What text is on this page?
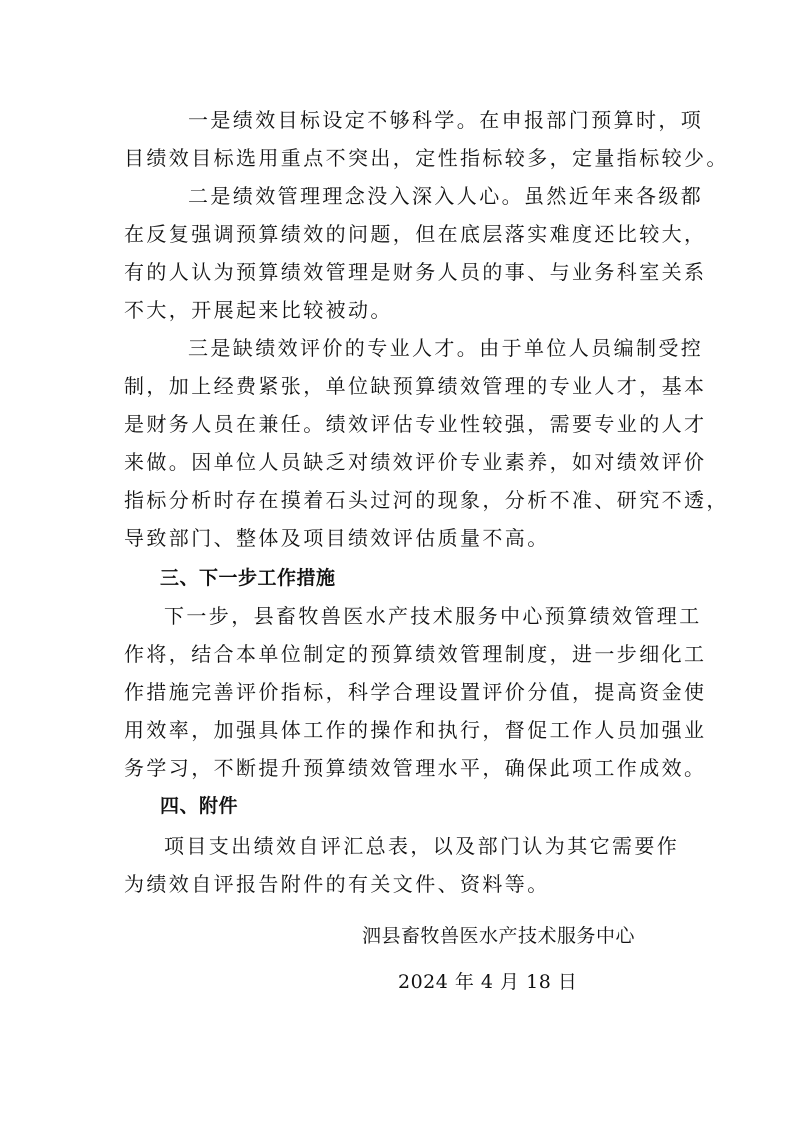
一是绩效目标设定不够科学。在申报部门预算时，项
目绩效目标选用重点不突出，定性指标较多，定量指标较少。
二是绩效管理理念没入深入人心。虽然近年来各级都
在反复强调预算绩效的问题，但在底层落实难度还比较大，
有的人认为预算绩效管理是财务人员的事、与业务科室关系
不大，开展起来比较被动。
三是缺绩效评价的专业人才。由于单位人员编制受控
制，加上经费紧张，单位缺预算绩效管理的专业人才，基本
是财务人员在兼任。绩效评估专业性较强，需要专业的人才
来做。因单位人员缺乏对绩效评价专业素养，如对绩效评价
指标分析时存在摸着石头过河的现象，分析不准、研究不透，
导致部门、整体及项目绩效评估质量不高。
三、下一步工作措施
下一步，县畜牧兽医水产技术服务中心预算绩效管理工
作将，结合本单位制定的预算绩效管理制度，进一步细化工
作措施完善评价指标，科学合理设置评价分值，提高资金使
用效率，加强具体工作的操作和执行，督促工作人员加强业
务学习，不断提升预算绩效管理水平，确保此项工作成效。
四、附件
项目支出绩效自评汇总表，以及部门认为其它需要作
为绩效自评报告附件的有关文件、资料等。
泗县畜牧兽医水产技术服务中心
2024 年 4 月 18 日
